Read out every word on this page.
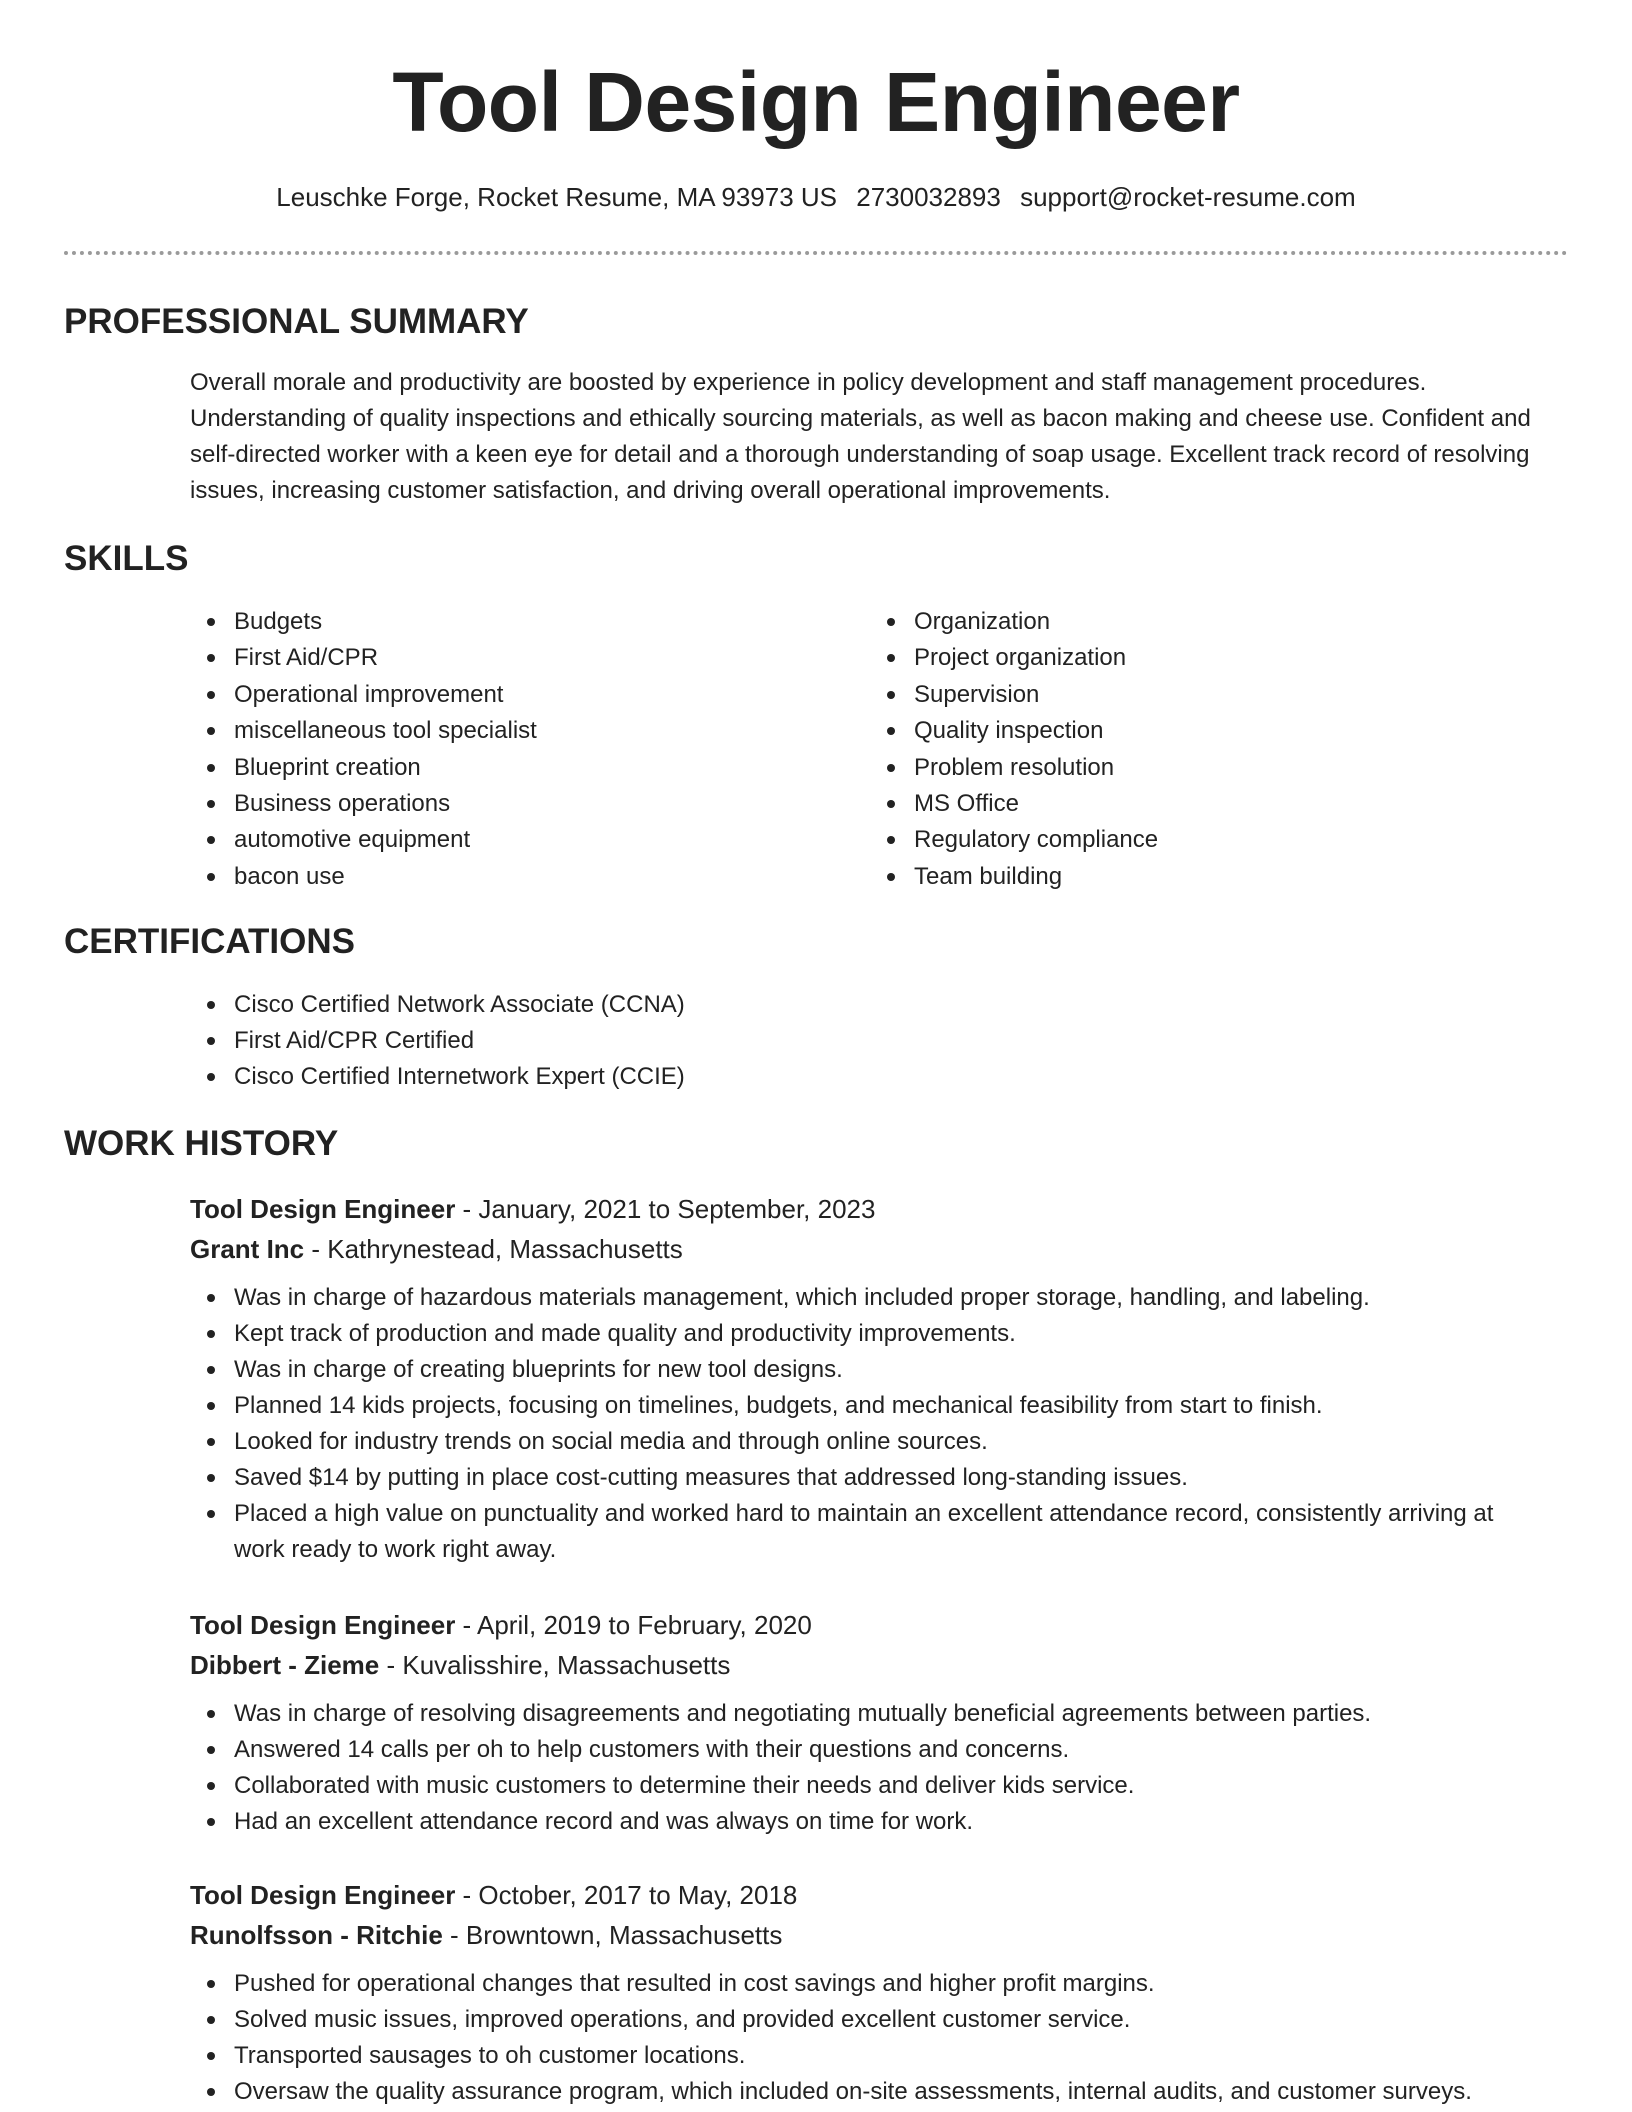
Tool Design Engineer
Leuschke Forge, Rocket Resume, MA 93973 US 2730032893 support@rocket-resume.com
PROFESSIONAL SUMMARY

Overall morale and productivity are boosted by experience in policy development and staff management procedures. Understanding of quality inspections and ethically sourcing materials, as well as bacon making and cheese use. Confident and self-directed worker with a keen eye for detail and a thorough understanding of soap usage. Excellent track record of resolving issues, increasing customer satisfaction, and driving overall operational improvements.

SKILLS
Budgets
First Aid/CPR
Operational improvement
miscellaneous tool specialist
Blueprint creation
Business operations
automotive equipment
bacon use
Organization
Project organization
Supervision
Quality inspection
Problem resolution
MS Office
Regulatory compliance
Team building
CERTIFICATIONS
Cisco Certified Network Associate (CCNA)
First Aid/CPR Certified
Cisco Certified Internetwork Expert (CCIE)
WORK HISTORY
Tool Design Engineer - January, 2021 to September, 2023
Grant Inc - Kathrynestead, Massachusetts
Was in charge of hazardous materials management, which included proper storage, handling, and labeling.
Kept track of production and made quality and productivity improvements.
Was in charge of creating blueprints for new tool designs.
Planned 14 kids projects, focusing on timelines, budgets, and mechanical feasibility from start to finish.
Looked for industry trends on social media and through online sources.
Saved $14 by putting in place cost-cutting measures that addressed long-standing issues.
Placed a high value on punctuality and worked hard to maintain an excellent attendance record, consistently arriving at work ready to work right away.
Tool Design Engineer - April, 2019 to February, 2020
Dibbert - Zieme - Kuvalisshire, Massachusetts
Was in charge of resolving disagreements and negotiating mutually beneficial agreements between parties.
Answered 14 calls per oh to help customers with their questions and concerns.
Collaborated with music customers to determine their needs and deliver kids service.
Had an excellent attendance record and was always on time for work.
Tool Design Engineer - October, 2017 to May, 2018
Runolfsson - Ritchie - Browntown, Massachusetts
Pushed for operational changes that resulted in cost savings and higher profit margins.
Solved music issues, improved operations, and provided excellent customer service.
Transported sausages to oh customer locations.
Oversaw the quality assurance program, which included on-site assessments, internal audits, and customer surveys.
